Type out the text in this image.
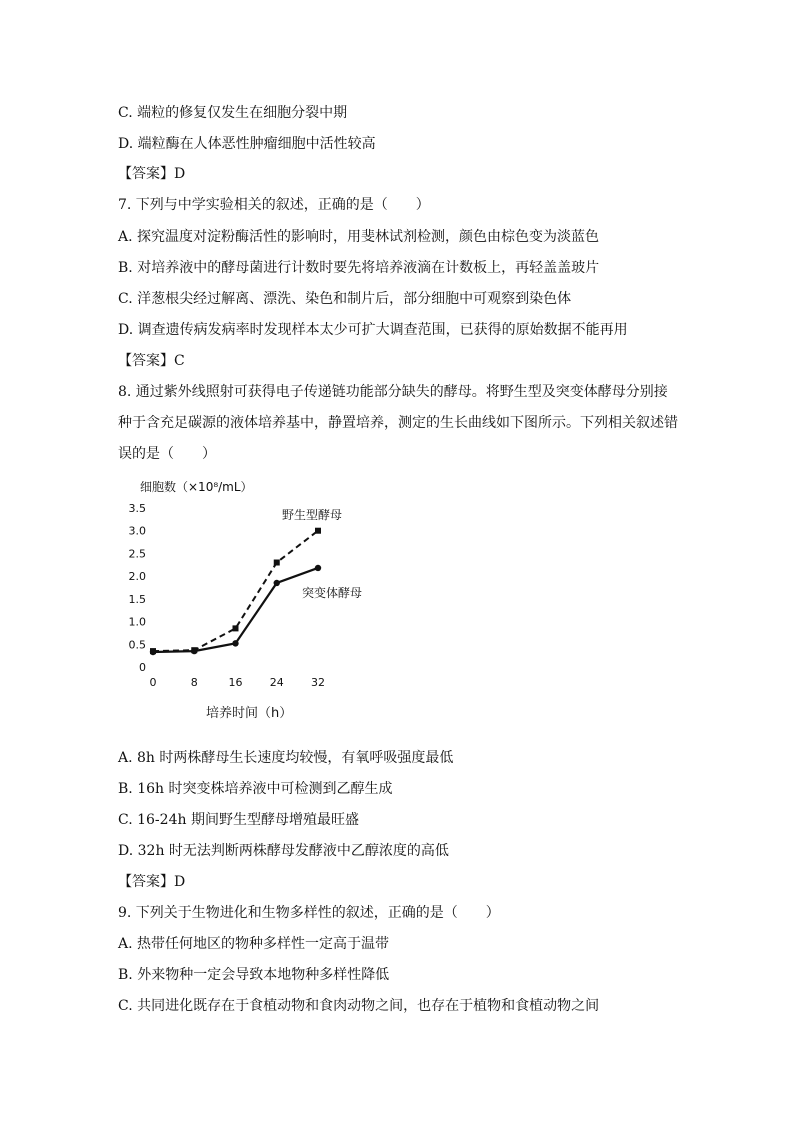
C. 端粒的修复仅发生在细胞分裂中期
D. 端粒酶在人体恶性肿瘤细胞中活性较高
【答案】D
7. 下列与中学实验相关的叙述，正确的是（　　）
A. 探究温度对淀粉酶活性的影响时，用斐林试剂检测，颜色由棕色变为淡蓝色
B. 对培养液中的酵母菌进行计数时要先将培养液滴在计数板上，再轻盖盖玻片
C. 洋葱根尖经过解离、漂洗、染色和制片后，部分细胞中可观察到染色体
D. 调查遗传病发病率时发现样本太少可扩大调查范围，已获得的原始数据不能再用
【答案】C
8. 通过紫外线照射可获得电子传递链功能部分缺失的酵母。将野生型及突变体酵母分别接
种于含充足碳源的液体培养基中，静置培养，测定的生长曲线如下图所示。下列相关叙述错
误的是（　　）
细胞数（×10⁸/mL）
0
0.5
1.0
1.5
2.0
2.5
3.0
3.5
0	8	16 24 32
野生型酵母
突变体酵母
培养时间（h）
A. 8h 时两株酵母生长速度均较慢，有氧呼吸强度最低
B. 16h 时突变株培养液中可检测到乙醇生成
C. 16-24h 期间野生型酵母增殖最旺盛
D. 32h 时无法判断两株酵母发酵液中乙醇浓度的高低
【答案】D
9. 下列关于生物进化和生物多样性的叙述，正确的是（　　）
A. 热带任何地区的物种多样性一定高于温带
B. 外来物种一定会导致本地物种多样性降低
C. 共同进化既存在于食植动物和食肉动物之间，也存在于植物和食植动物之间
